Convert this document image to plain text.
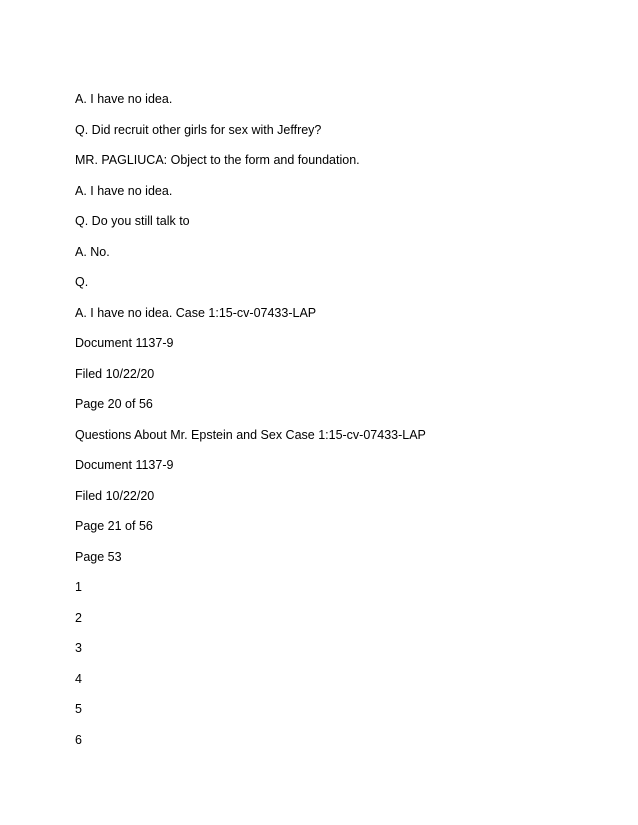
A. I have no idea.
Q. Did recruit other girls for sex with Jeffrey?
MR. PAGLIUCA: Object to the form and foundation.
A. I have no idea.
Q. Do you still talk to
A. No.
Q.
A. I have no idea. Case 1:15-cv-07433-LAP
Document 1137-9
Filed 10/22/20
Page 20 of 56
Questions About Mr. Epstein and Sex Case 1:15-cv-07433-LAP
Document 1137-9
Filed 10/22/20
Page 21 of 56
Page 53
1
2
3
4
5
6
